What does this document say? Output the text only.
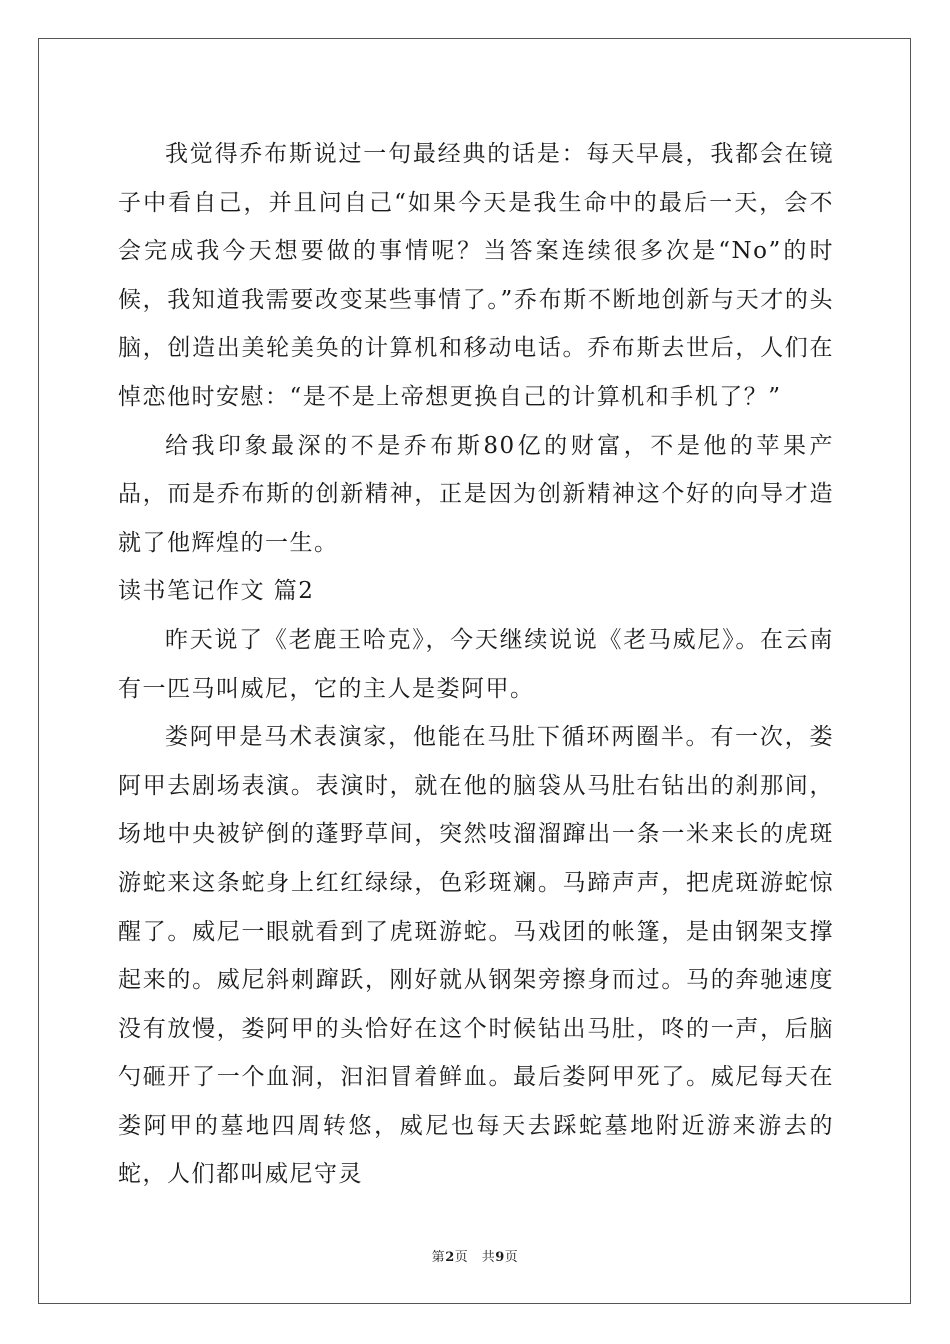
我觉得乔布斯说过一句最经典的话是：每天早晨，我都会在镜子中看自己，并且问自己“如果今天是我生命中的最后一天，会不会完成我今天想要做的事情呢？当答案连续很多次是“No”的时候，我知道我需要改变某些事情了。”乔布斯不断地创新与天才的头脑，创造出美轮美奂的计算机和移动电话。乔布斯去世后，人们在悼恋他时安慰：“是不是上帝想更换自己的计算机和手机了？”

给我印象最深的不是乔布斯80亿的财富，不是他的苹果产品，而是乔布斯的创新精神，正是因为创新精神这个好的向导才造就了他辉煌的一生。

读书笔记作文 篇2

昨天说了《老鹿王哈克》，今天继续说说《老马威尼》。在云南有一匹马叫威尼，它的主人是娄阿甲。

娄阿甲是马术表演家，他能在马肚下循环两圈半。有一次，娄阿甲去剧场表演。表演时，就在他的脑袋从马肚右钻出的刹那间，场地中央被铲倒的蓬野草间，突然吱溜溜蹿出一条一米来长的虎斑游蛇来这条蛇身上红红绿绿，色彩斑斓。马蹄声声，把虎斑游蛇惊醒了。威尼一眼就看到了虎斑游蛇。马戏团的帐篷，是由钢架支撑起来的。威尼斜刺蹿跃，刚好就从钢架旁擦身而过。马的奔驰速度没有放慢，娄阿甲的头恰好在这个时候钻出马肚，咚的一声，后脑勺砸开了一个血洞，汩汩冒着鲜血。最后娄阿甲死了。威尼每天在娄阿甲的墓地四周转悠，威尼也每天去踩蛇墓地附近游来游去的蛇，人们都叫威尼守灵

第2页　共9页
